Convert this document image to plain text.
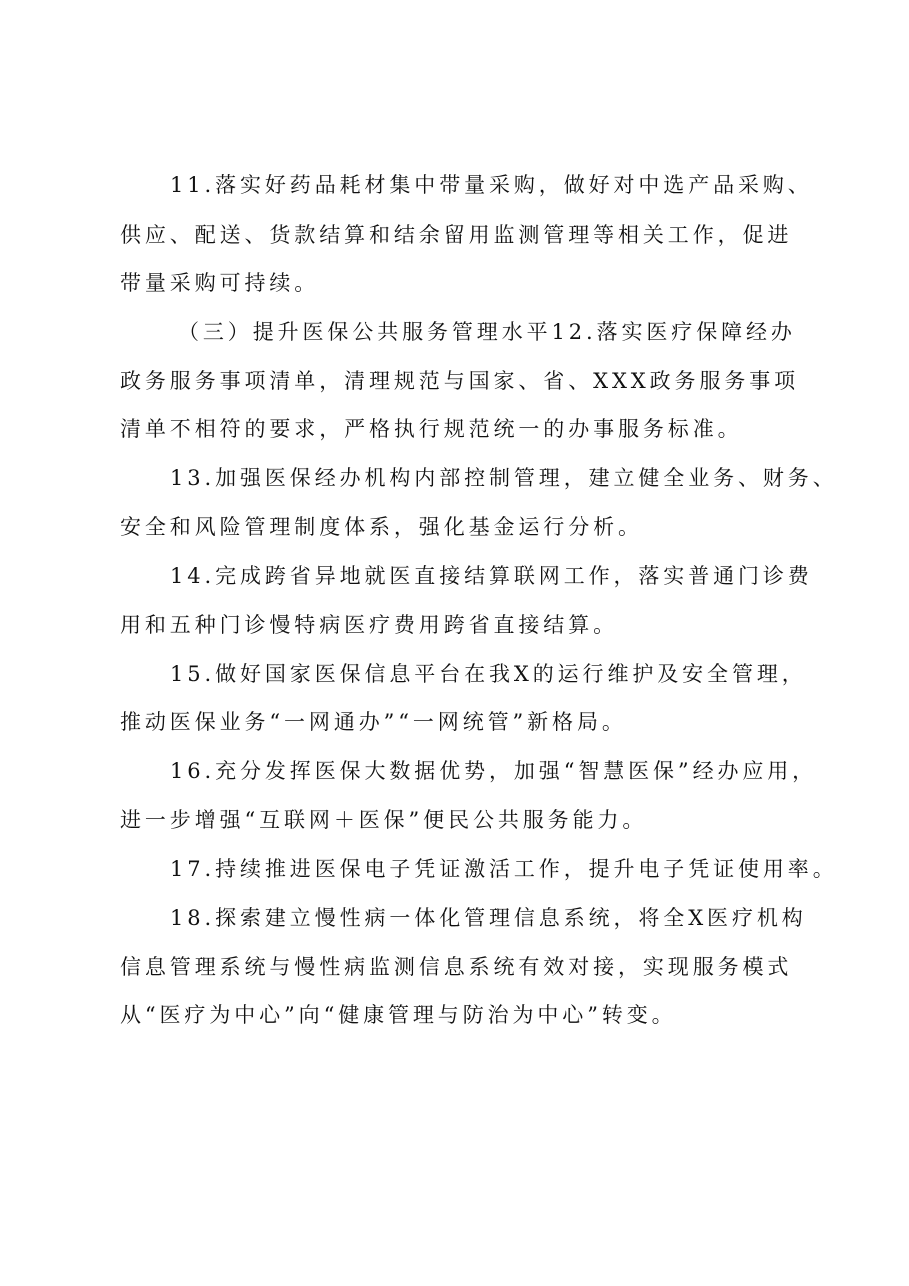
11.落实好药品耗材集中带量采购，做好对中选产品采购、
供应、配送、货款结算和结余留用监测管理等相关工作，促进
带量采购可持续。
（三）提升医保公共服务管理水平12.落实医疗保障经办
政务服务事项清单，清理规范与国家、省、XXX政务服务事项
清单不相符的要求，严格执行规范统一的办事服务标准。
13.加强医保经办机构内部控制管理，建立健全业务、财务、
安全和风险管理制度体系，强化基金运行分析。
14.完成跨省异地就医直接结算联网工作，落实普通门诊费
用和五种门诊慢特病医疗费用跨省直接结算。
15.做好国家医保信息平台在我X的运行维护及安全管理，
推动医保业务“一网通办”“一网统管”新格局。
16.充分发挥医保大数据优势，加强“智慧医保”经办应用，
进一步增强“互联网＋医保”便民公共服务能力。
17.持续推进医保电子凭证激活工作，提升电子凭证使用率。
18.探索建立慢性病一体化管理信息系统，将全X医疗机构
信息管理系统与慢性病监测信息系统有效对接，实现服务模式
从“医疗为中心”向“健康管理与防治为中心”转变。
